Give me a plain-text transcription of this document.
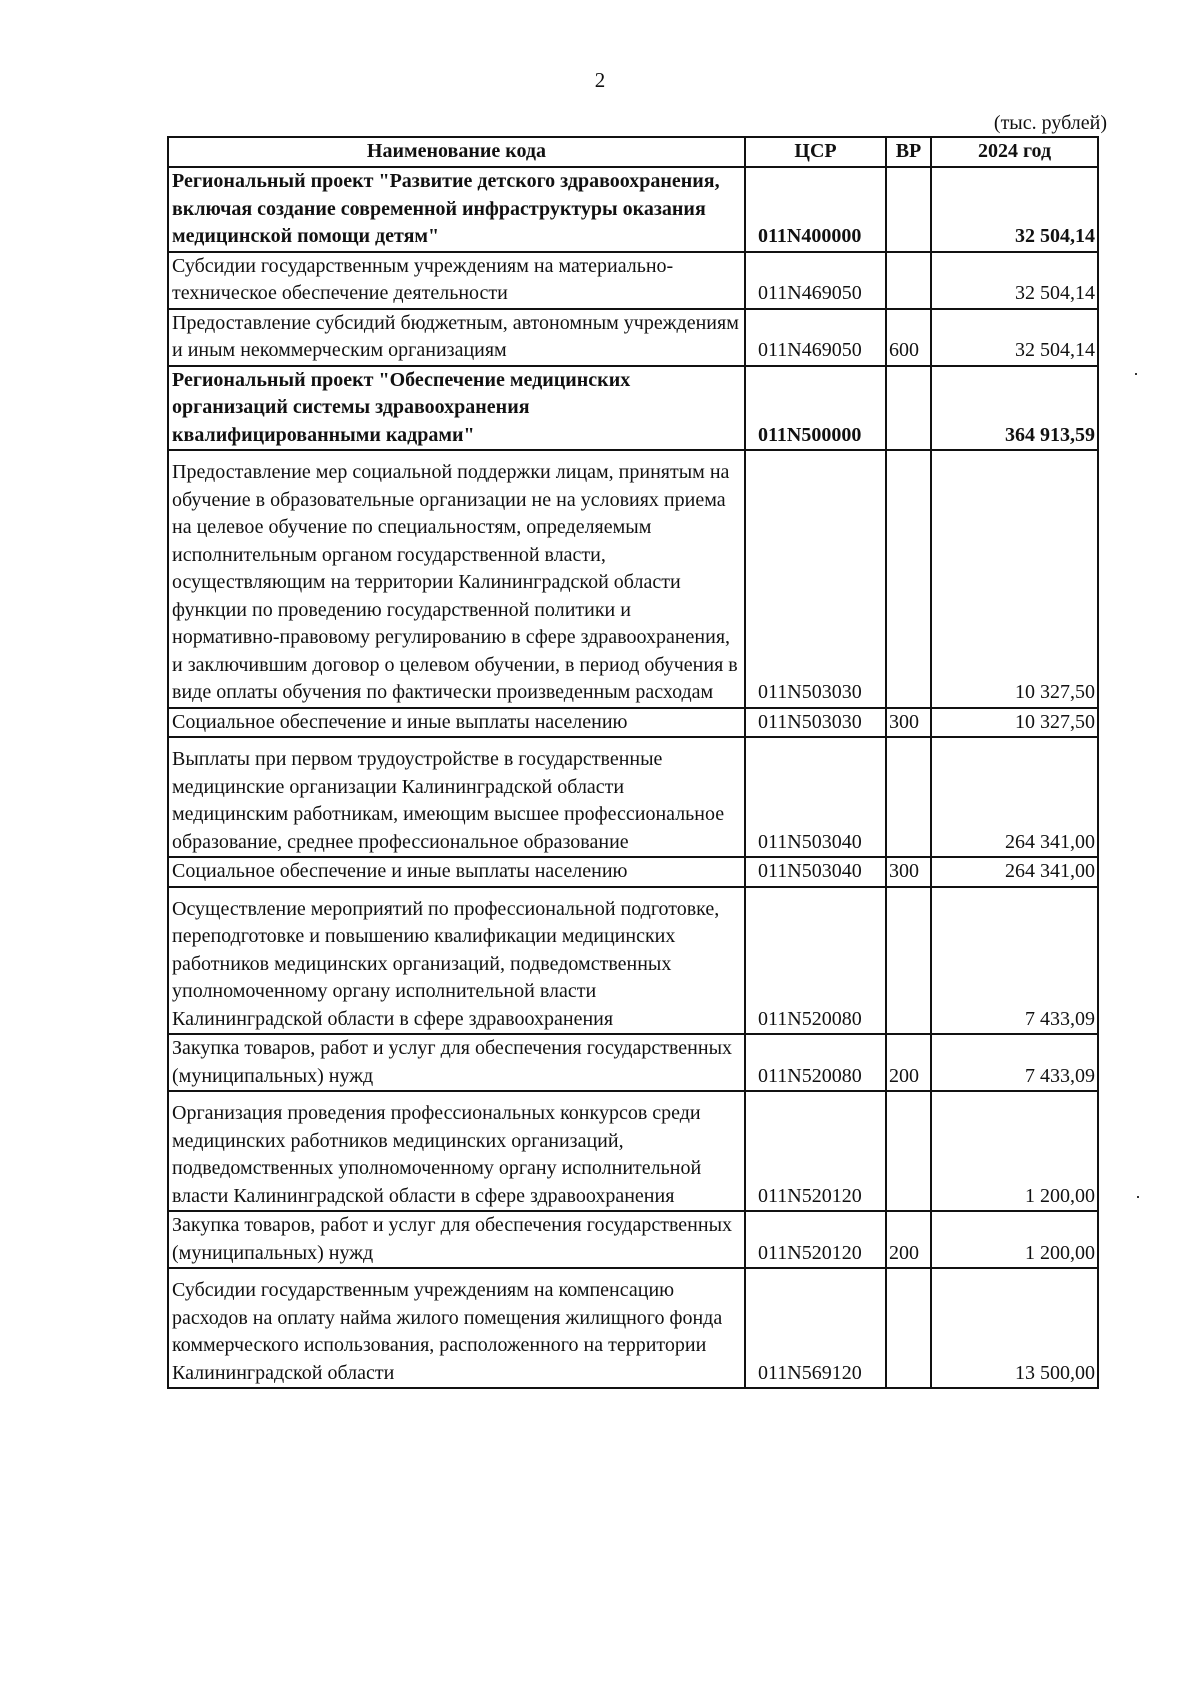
2
(тыс. рублей)
Наименование кода	ЦСР	ВР	2024 год
Региональный проект "Развитие детского здравоохранения, включая создание современной инфраструктуры оказания медицинской помощи детям"	011N400000		32 504,14
Субсидии государственным учреждениям на материально-техническое обеспечение деятельности	011N469050		32 504,14
Предоставление субсидий бюджетным, автономным учреждениям и иным некоммерческим организациям	011N469050	600	32 504,14
Региональный проект "Обеспечение медицинских организаций системы здравоохранения квалифицированными кадрами"	011N500000		364 913,59
Предоставление мер социальной поддержки лицам, принятым на обучение в образовательные организации не на условиях приема на целевое обучение по специальностям, определяемым исполнительным органом государственной власти, осуществляющим на территории Калининградской области функции по проведению государственной политики и нормативно-правовому регулированию в сфере здравоохранения, и заключившим договор о целевом обучении, в период обучения в виде оплаты обучения по фактически произведенным расходам	011N503030		10 327,50
Социальное обеспечение и иные выплаты населению	011N503030	300	10 327,50
Выплаты при первом трудоустройстве в государственные медицинские организации Калининградской области медицинским работникам, имеющим высшее профессиональное образование, среднее профессиональное образование	011N503040		264 341,00
Социальное обеспечение и иные выплаты населению	011N503040	300	264 341,00
Осуществление мероприятий по профессиональной подготовке, переподготовке и повышению квалификации медицинских работников медицинских организаций, подведомственных уполномоченному органу исполнительной власти Калининградской области в сфере здравоохранения	011N520080		7 433,09
Закупка товаров, работ и услуг для обеспечения государственных (муниципальных) нужд	011N520080	200	7 433,09
Организация проведения профессиональных конкурсов среди медицинских работников медицинских организаций, подведомственных уполномоченному органу исполнительной власти Калининградской области в сфере здравоохранения	011N520120		1 200,00
Закупка товаров, работ и услуг для обеспечения государственных (муниципальных) нужд	011N520120	200	1 200,00
Субсидии государственным учреждениям на компенсацию расходов на оплату найма жилого помещения жилищного фонда коммерческого использования, расположенного на территории Калининградской области	011N569120		13 500,00
